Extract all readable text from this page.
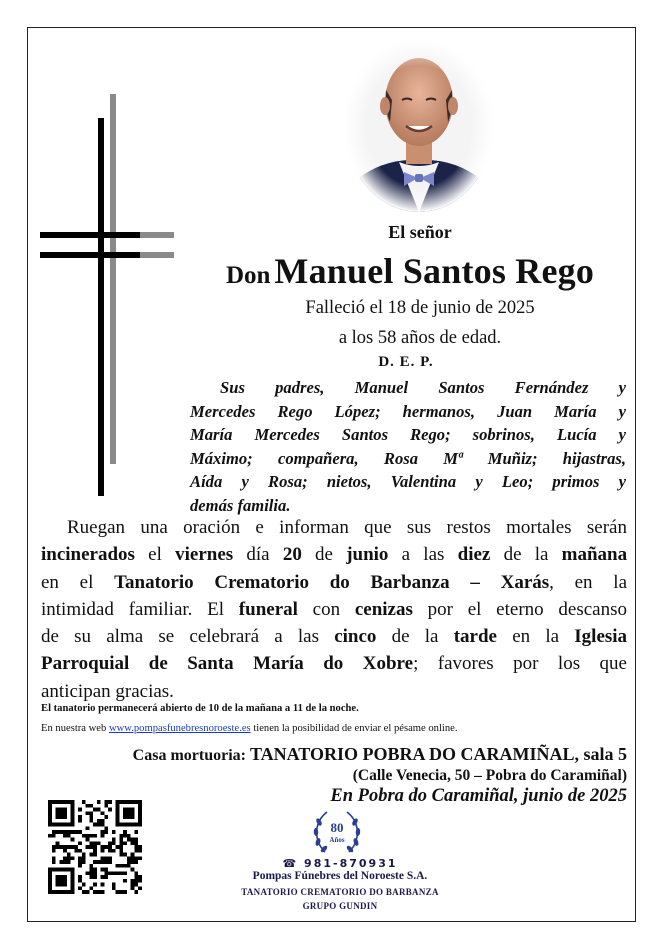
El señor
Don Manuel Santos Rego
Falleció el 18 de junio de 2025
a los 58 años de edad.
D. E. P.
Sus padres, Manuel Santos Fernández y
Mercedes Rego López; hermanos, Juan María y
María Mercedes Santos Rego; sobrinos, Lucía y
Máximo; compañera, Rosa Mª Muñiz; hijastras,
Aída y Rosa; nietos, Valentina y Leo; primos y
demás familia.
Ruegan una oración e informan que sus restos mortales serán
incinerados el viernes día 20 de junio a las diez de la mañana
en el Tanatorio Crematorio do Barbanza – Xarás, en la
intimidad familiar. El funeral con cenizas por el eterno descanso
de su alma se celebrará a las cinco de la tarde en la Iglesia
Parroquial de Santa María do Xobre; favores por los que
anticipan gracias.
El tanatorio permanecerá abierto de 10 de la mañana a 11 de la noche.
En nuestra web www.pompasfunebresnoroeste.es tienen la posibilidad de enviar el pésame online.
Casa mortuoria: TANATORIO POBRA DO CARAMIÑAL, sala 5
(Calle Venecia, 50 – Pobra do Caramiñal)
En Pobra do Caramiñal, junio de 2025
80
Años
☎ 981-870931
Pompas Fúnebres del Noroeste S.A.
TANATORIO CREMATORIO DO BARBANZA
GRUPO GUNDIN
